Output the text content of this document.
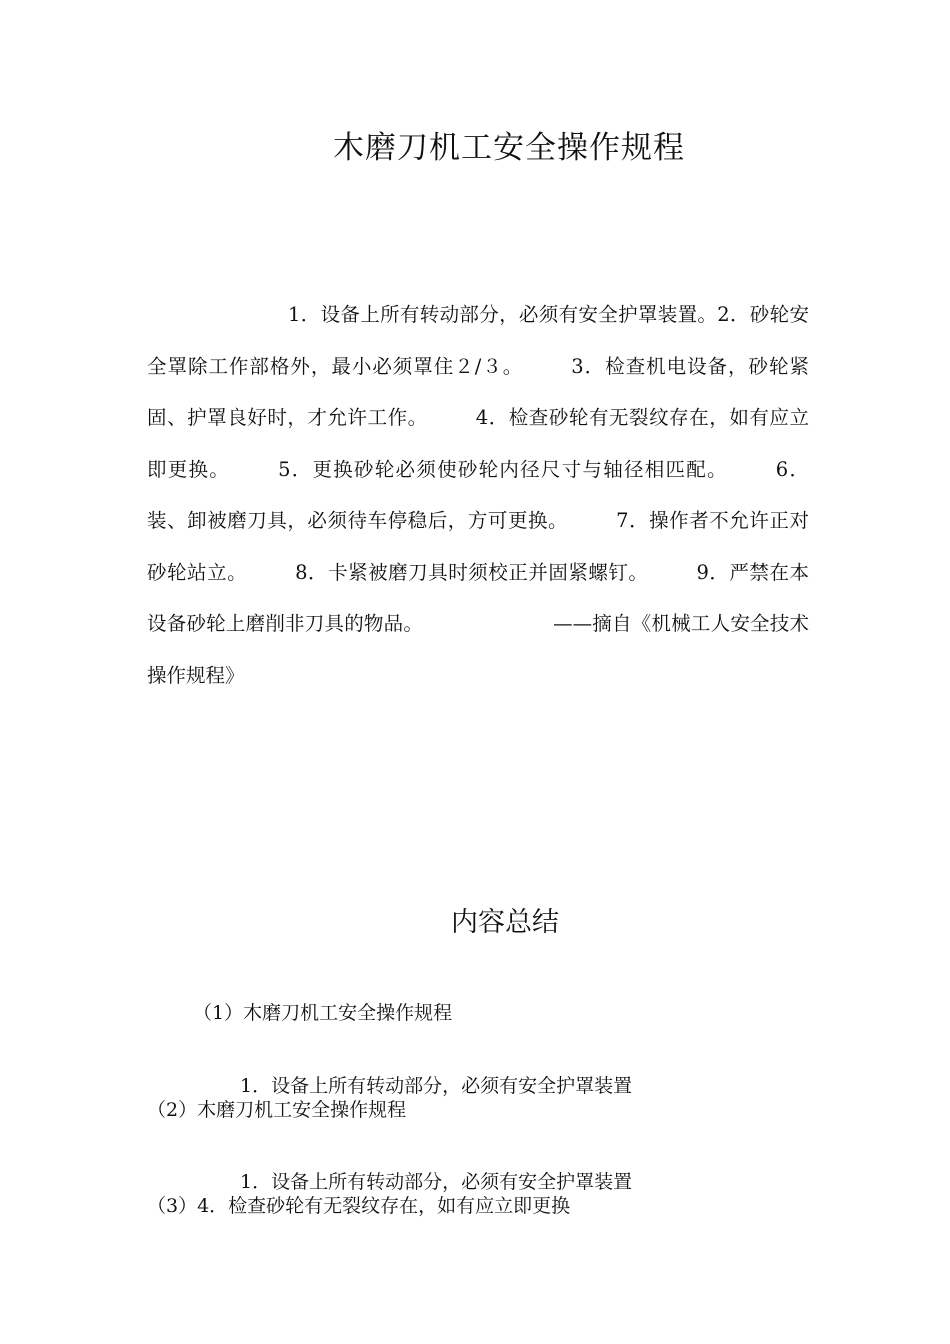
木磨刀机工安全操作规程

1．设备上所有转动部分，必须有安全护罩装置。2．砂轮安全罩除工作部格外，最小必须罩住２/３。 3．检查机电设备，砂轮紧固、护罩良好时，才允许工作。 4．检查砂轮有无裂纹存在，如有应立即更换。 5．更换砂轮必须使砂轮内径尺寸与轴径相匹配。 6．装、卸被磨刀具，必须待车停稳后，方可更换。 7．操作者不允许正对砂轮站立。 8．卡紧被磨刀具时须校正并固紧螺钉。 9．严禁在本设备砂轮上磨削非刀具的物品。	——摘自《机械工人安全技术操作规程》

内容总结

（1）木磨刀机工安全操作规程

1．设备上所有转动部分，必须有安全护罩装置

（2）木磨刀机工安全操作规程

1．设备上所有转动部分，必须有安全护罩装置

（3）4．检查砂轮有无裂纹存在，如有应立即更换
